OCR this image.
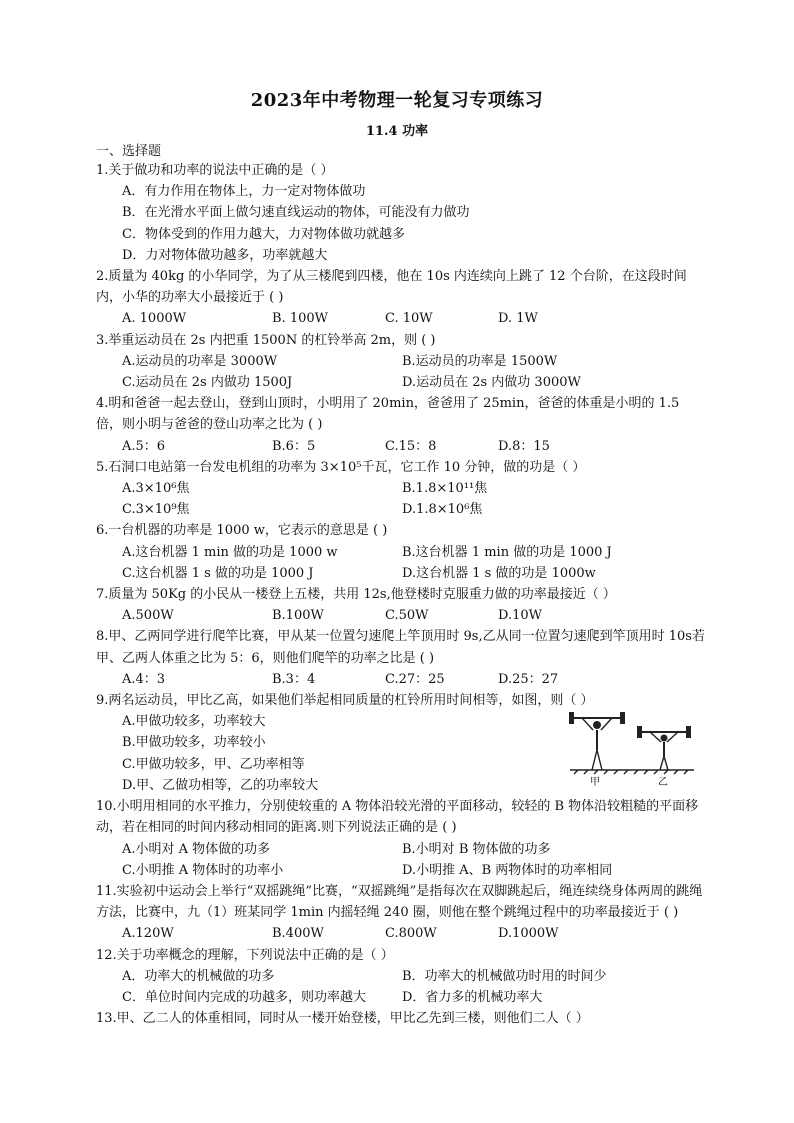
2023年中考物理一轮复习专项练习
11.4 功率
一、选择题

1.关于做功和功率的说法中正确的是（ ）

A．有力作用在物体上，力一定对物体做功
B．在光滑水平面上做匀速直线运动的物体，可能没有力做功
C．物体受到的作用力越大，力对物体做功就越多
D．力对物体做功越多，功率就越大

2.质量为 40kg 的小华同学，为了从三楼爬到四楼，他在 10s 内连续向上跳了 12 个台阶，在这段时间内，小华的功率大小最接近于 ( )

A. 1000W	B. 100W	C. 10W	D. 1W

3.举重运动员在 2s 内把重 1500N 的杠铃举高 2m，则 ( )

A.运动员的功率是 3000W	B.运动员的功率是 1500W
C.运动员在 2s 内做功 1500J	D.运动员在 2s 内做功 3000W

4.明和爸爸一起去登山，登到山顶时，小明用了 20min，爸爸用了 25min，爸爸的体重是小明的 1.5 倍，则小明与爸爸的登山功率之比为 ( )

A.5：6	B.6：5	C.15：8	D.8：15

5.石洞口电站第一台发电机组的功率为 3×10⁵千瓦，它工作 10 分钟，做的功是（ ）

A.3×10⁶焦	B.1.8×10¹¹焦
C.3×10⁹焦	D.1.8×10⁶焦

6.一台机器的功率是 1000 w，它表示的意思是 ( )

A.这台机器 1 min 做的功是 1000 w	B.这台机器 1 min 做的功是 1000 J
C.这台机器 1 s 做的功是 1000 J	D.这台机器 1 s 做的功是 1000w

7.质量为 50Kg 的小民从一楼登上五楼，共用 12s,他登楼时克服重力做的功率最接近（ ）

A.500W	B.100W	C.50W	D.10W

8.甲、乙两同学进行爬竿比赛，甲从某一位置匀速爬上竿顶用时 9s,乙从同一位置匀速爬到竿顶用时 10s若甲、乙两人体重之比为 5：6，则他们爬竿的功率之比是 ( )

A.4：3	B.3：4	C.27：25	D.25：27

9.两名运动员，甲比乙高，如果他们举起相同质量的杠铃所用时间相等，如图，则（ ）

A.甲做功较多，功率较大
B.甲做功较多，功率较小
C.甲做功较多，甲、乙功率相等
D.甲、乙做功相等，乙的功率较大	甲	乙

10.小明用相同的水平推力，分别使较重的 A 物体沿较光滑的平面移动，较轻的 B 物体沿较粗糙的平面移动，若在相同的时间内移动相同的距离.则下列说法正确的是 ( )

A.小明对 A 物体做的功多	B.小明对 B 物体做的功多
C.小明推 A 物体时的功率小	D.小明推 A、B 两物体时的功率相同

11.实验初中运动会上举行“双摇跳绳”比赛，“双摇跳绳”是指每次在双脚跳起后，绳连续绕身体两周的跳绳方法，比赛中，九（1）班某同学 1min 内摇轻绳 240 圈，则他在整个跳绳过程中的功率最接近于 ( )

A.120W	B.400W	C.800W	D.1000W

12.关于功率概念的理解，下列说法中正确的是（ ）

A．功率大的机械做的功多	B．功率大的机械做功时用的时间少
C．单位时间内完成的功越多，则功率越大	D．省力多的机械功率大

13.甲、乙二人的体重相同，同时从一楼开始登楼，甲比乙先到三楼，则他们二人（ ）
